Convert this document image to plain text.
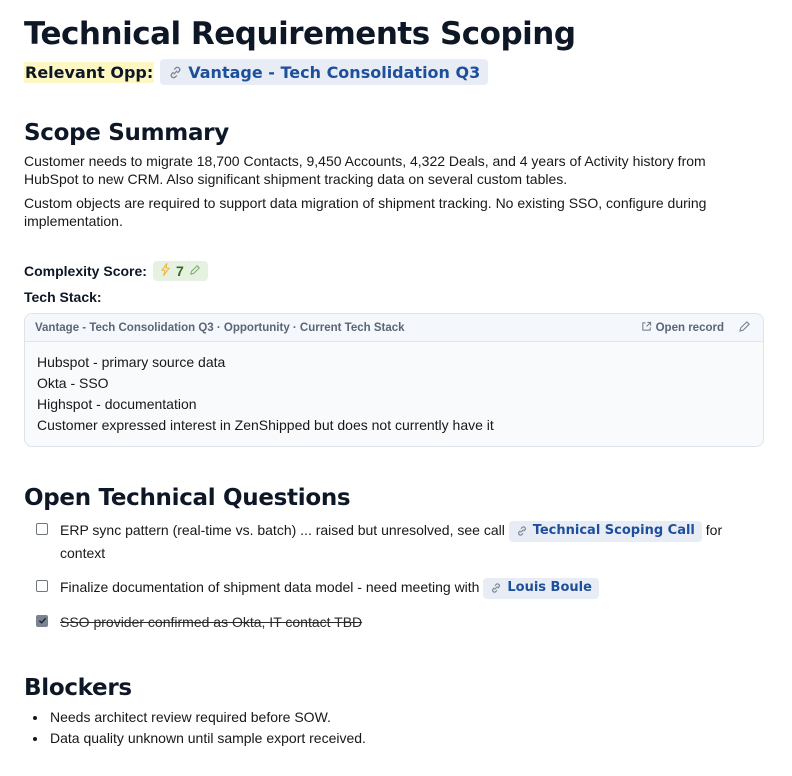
Technical Requirements Scoping
Relevant Opp: Vantage - Tech Consolidation Q3
Scope Summary

Customer needs to migrate 18,700 Contacts, 9,450 Accounts, 4,322 Deals, and 4 years of Activity history from HubSpot to new CRM. Also significant shipment tracking data on several custom tables.

Custom objects are required to support data migration of shipment tracking. No existing SSO, configure during implementation.

Complexity Score: 7
Tech Stack:
Vantage - Tech Consolidation Q3 · Opportunity · Current Tech Stack	Open record
Hubspot - primary source data
Okta - SSO
Highspot - documentation
Customer expressed interest in ZenShipped but does not currently have it
Open Technical Questions
ERP sync pattern (real-time vs. batch) ... raised but unresolved, see call Technical Scoping Call for context
Finalize documentation of shipment data model - need meeting with Louis Boule
SSO provider confirmed as Okta, IT contact TBD
Blockers
• Needs architect review required before SOW.
• Data quality unknown until sample export received.
